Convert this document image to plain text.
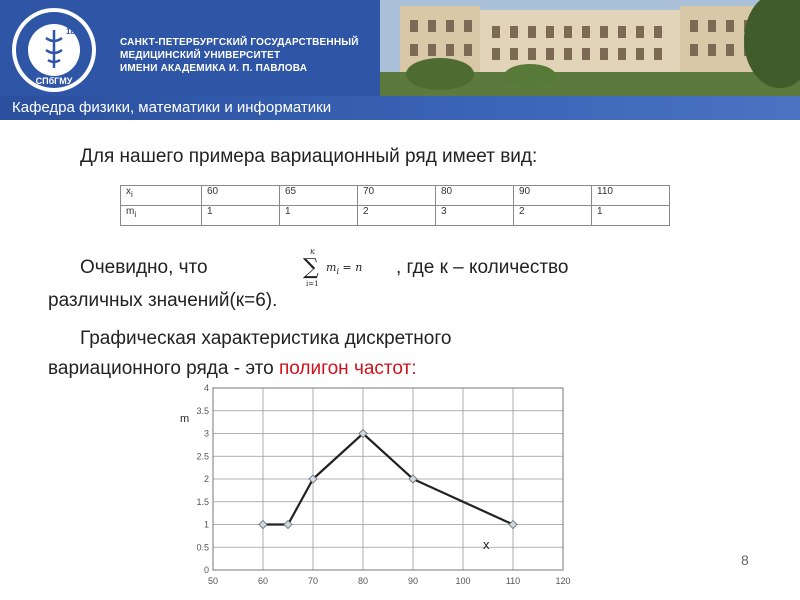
1897
СПбГМУ
САНКТ-ПЕТЕРБУРГСКИЙ ГОСУДАРСТВЕННЫЙ
МЕДИЦИНСКИЙ УНИВЕРСИТЕТ
ИМЕНИ АКАДЕМИКА И. П. ПАВЛОВА
Кафедра физики, математики и информатики
Для нашего примера вариационный ряд имеет вид:
$x_i$	60	65	70	80	90	110
$m_i$	1	1	2	3	2	1
Очевидно, что
к
∑
i=1
$m_i = n$ , где к – количество
различных значений(к=6).
Графическая характеристика дискретного
вариационного ряда - это полигон частот:
0
0.5
1
1.5
2
2.5
3
3.5
4
50	60	70	80	90	100	110	120
m
x
8
